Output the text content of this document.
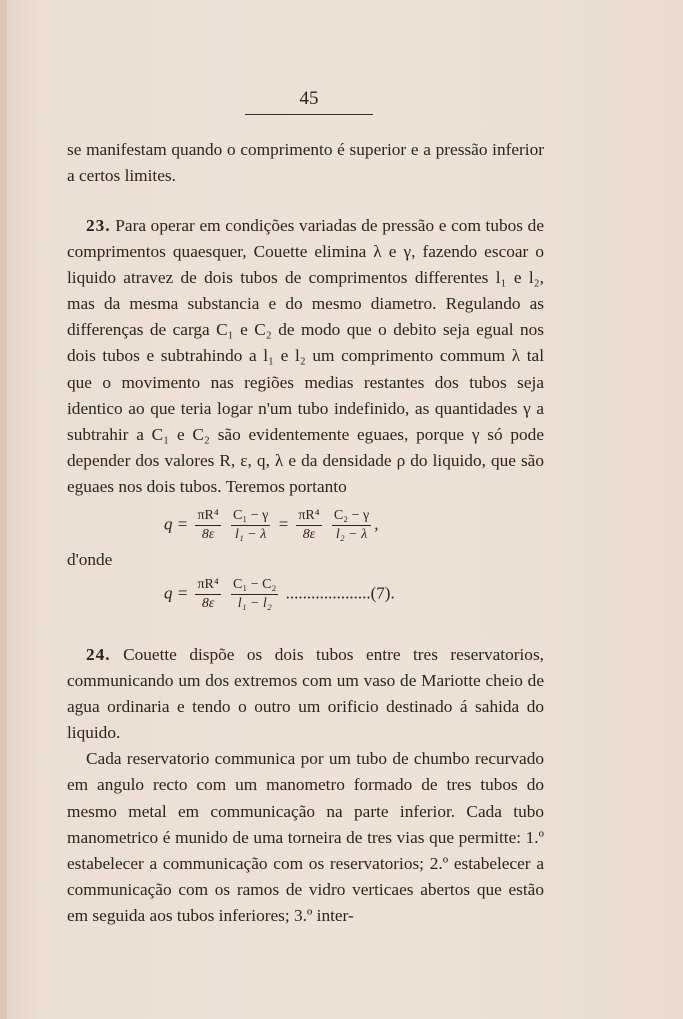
45

se manifestam quando o comprimento é superior e a pressão inferior a certos limites.

23. Para operar em condições variadas de pressão e com tubos de comprimentos quaesquer, Couette elimina λ e γ, fazendo escoar o liquido atravez de dois tubos de comprimentos differentes l₁ e l₂, mas da mesma substancia e do mesmo diametro. Regulando as differenças de carga C₁ e C₂ de modo que o debito seja egual nos dois tubos e subtrahindo a l₁ e l₂ um comprimento commum λ tal que o movimento nas regiões medias restantes dos tubos seja identico ao que teria logar n'um tubo indefinido, as quantidades γ a subtrahir a C₁ e C₂ são evidentemente eguaes, porque γ só pode depender dos valores R, ε, q, λ e da densidade ρ do liquido, que são eguaes nos dois tubos. Teremos portanto

$q = \frac{\text{πR⁴}}{8\varepsilon}$
$\frac{\text{C₁ − γ}}{\text{l₁ − λ}} = \frac{\text{πR⁴}}{8\varepsilon}$
$\frac{\text{C₂ − γ}}{\text{l₂ − λ}}$ ,
d'onde
$q = \frac{\text{πR⁴}}{8\varepsilon}$
$\frac{\text{C₁ − C₂}}{\text{l₁ − l₂}} ....................(7)$.

24. Couette dispõe os dois tubos entre tres reservatorios, communicando um dos extremos com um vaso de Mariotte cheio de agua ordinaria e tendo o outro um orificio destinado á sahida do liquido.

Cada reservatorio communica por um tubo de chumbo recurvado em angulo recto com um manometro formado de tres tubos do mesmo metal em communicação na parte inferior. Cada tubo manometrico é munido de uma torneira de tres vias que permitte: 1.º estabelecer a communicação com os reservatorios; 2.º estabelecer a communicação com os ramos de vidro verticaes abertos que estão em seguida aos tubos inferiores; 3.º inter-
